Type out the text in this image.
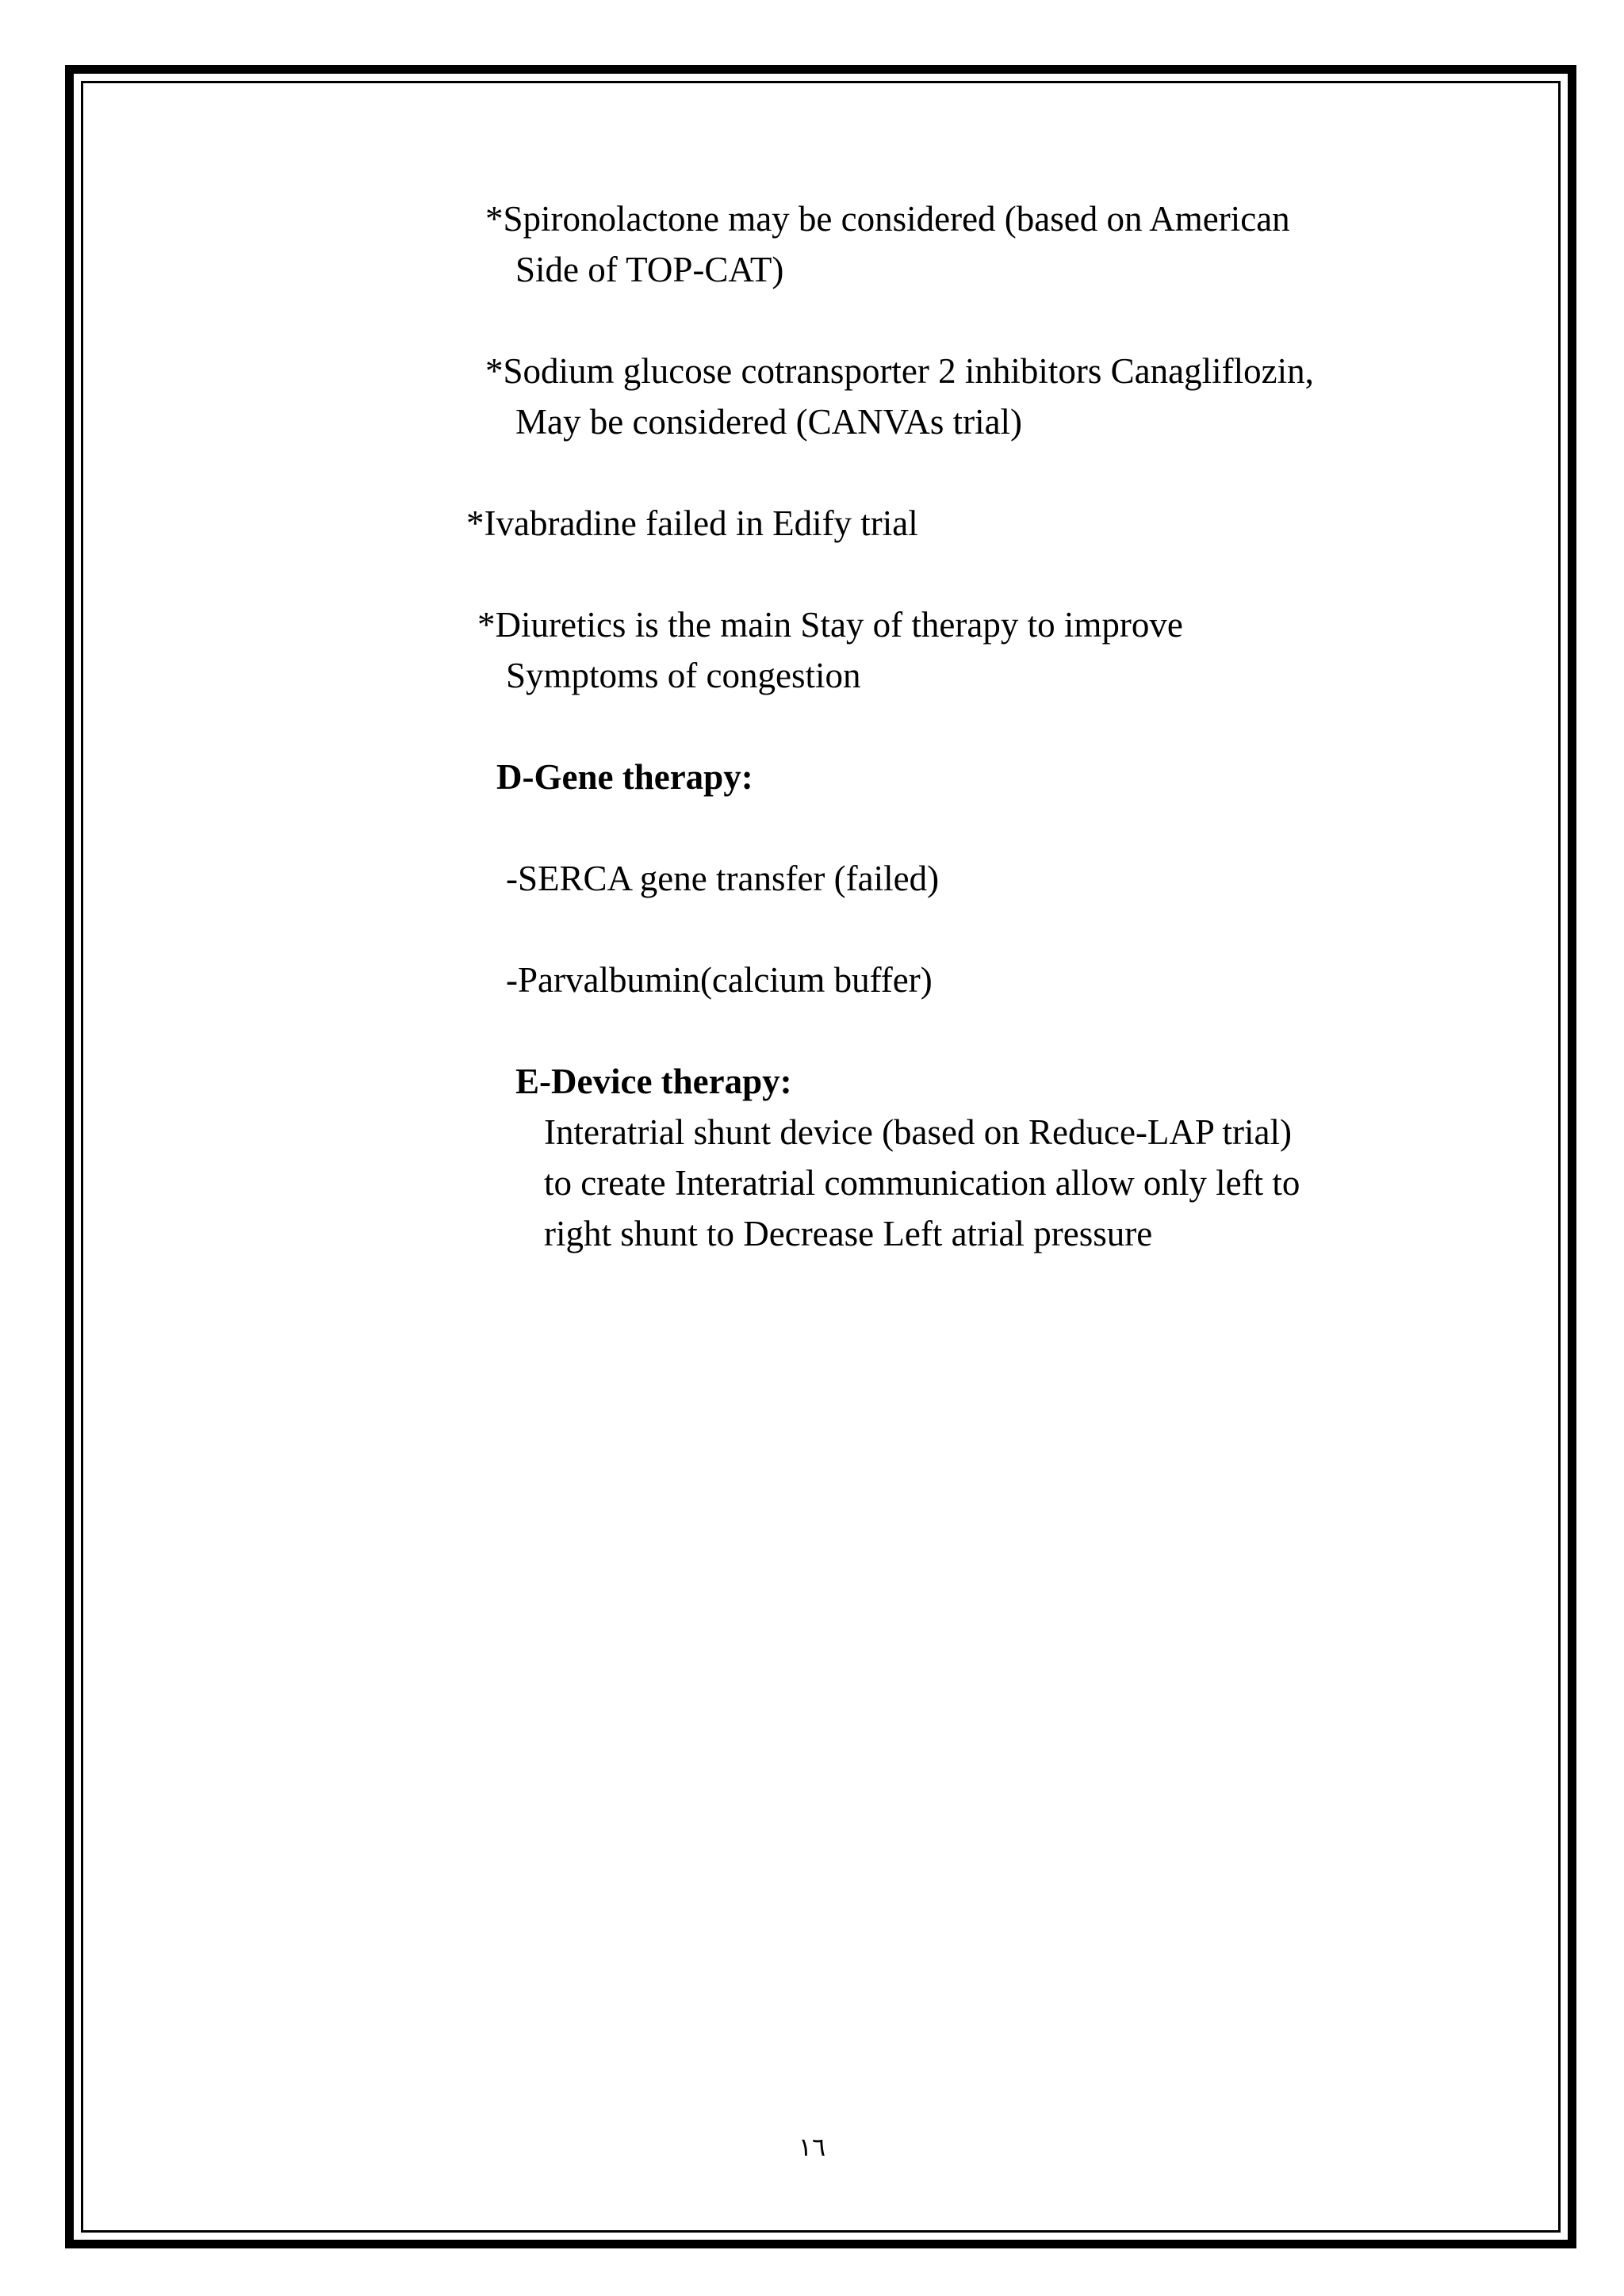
*Spironolactone may be considered (based on American
Side of TOP-CAT)
*Sodium glucose cotransporter 2 inhibitors Canagliflozin,
May be considered (CANVAs trial)
*Ivabradine failed in Edify trial
*Diuretics is the main Stay of therapy to improve
Symptoms of congestion
D-Gene therapy:
-SERCA gene transfer (failed)
-Parvalbumin(calcium buffer)
E-Device therapy:
Interatrial shunt device (based on Reduce-LAP trial)
to create Interatrial communication allow only left to
right shunt to Decrease Left atrial pressure
١٦
